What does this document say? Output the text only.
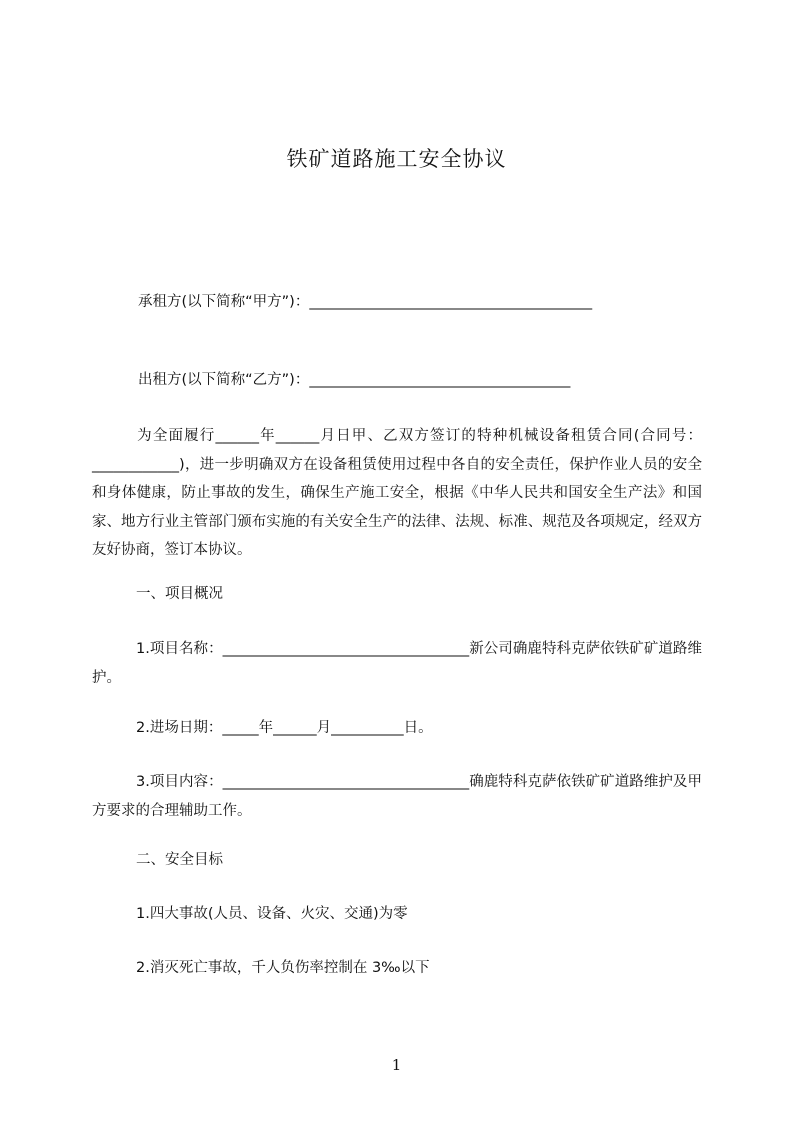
铁矿道路施工安全协议
承租方(以下简称“甲方”)：_______________________________________
出租方(以下简称“乙方”)：____________________________________
为全面履行______年______月日甲、乙双方签订的特种机械设备租赁合同(合同号：____________)，进一步明确双方在设备租赁使用过程中各自的安全责任，保护作业人员的安全和身体健康，防止事故的发生，确保生产施工安全，根据《中华人民共和国安全生产法》和国家、地方行业主管部门颁布实施的有关安全生产的法律、法规、标准、规范及各项规定，经双方友好协商，签订本协议。
一、项目概况
1.项目名称：__________________________________新公司确鹿特科克萨依铁矿矿道路维护。
2.进场日期：_____年______月__________日。
3.项目内容：__________________________________确鹿特科克萨依铁矿矿道路维护及甲方要求的合理辅助工作。
二、安全目标
1.四大事故(人员、设备、火灾、交通)为零
2.消灭死亡事故，千人负伤率控制在 3‰以下
1
